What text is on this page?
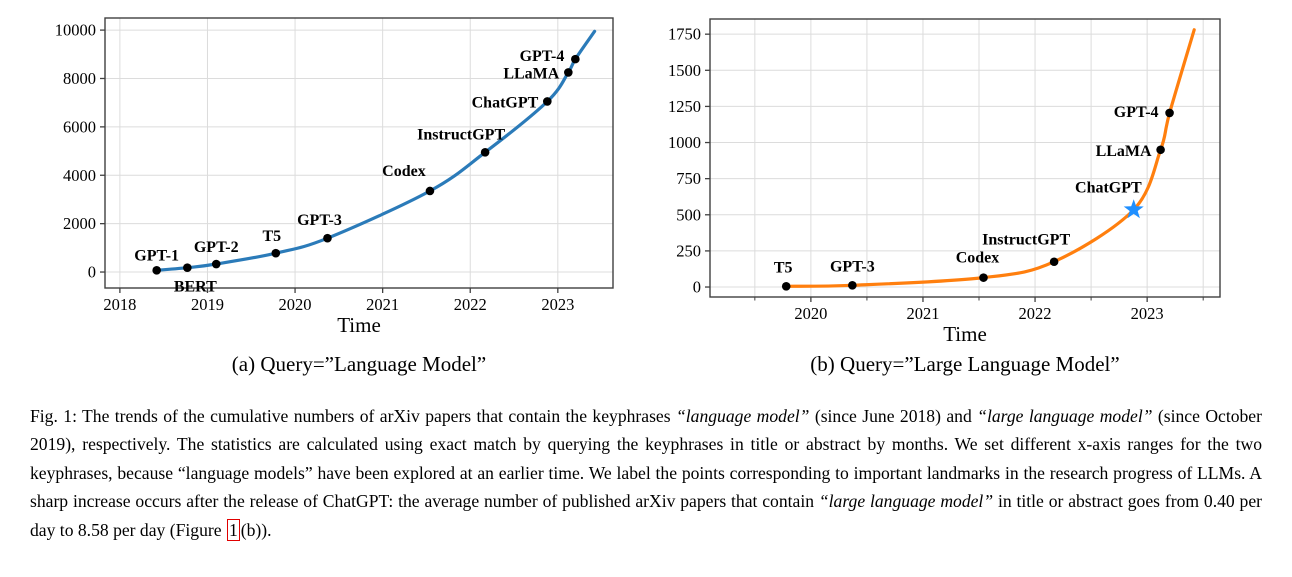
2018	2019	2020	2021	2022	2023
0
2000
4000
6000
8000
10000
Time
GPT-1
BERT
GPT-2
T5
GPT-3
Codex
InstructGPT
ChatGPT
LLaMA
GPT-4
2020	2021	2022	2023
0
250
500
750
1000
1250
1500
1750
Time
T5 GPT-3
Codex
InstructGPT
ChatGPT
LLaMA
GPT-4
(a) Query=”Language Model”	(b) Query=”Large Language Model”

Fig. 1: The trends of the cumulative numbers of arXiv papers that contain the keyphrases “language model” (since June 2018) and “large language model” (since October 2019), respectively. The statistics are calculated using exact match by querying the keyphrases in title or abstract by months. We set different x-axis ranges for the two keyphrases, because “language models” have been explored at an earlier time. We label the points corresponding to important landmarks in the research progress of LLMs. A sharp increase occurs after the release of ChatGPT: the average number of published arXiv papers that contain “large language model” in title or abstract goes from 0.40 per day to 8.58 per day (Figure 1 (b)).
